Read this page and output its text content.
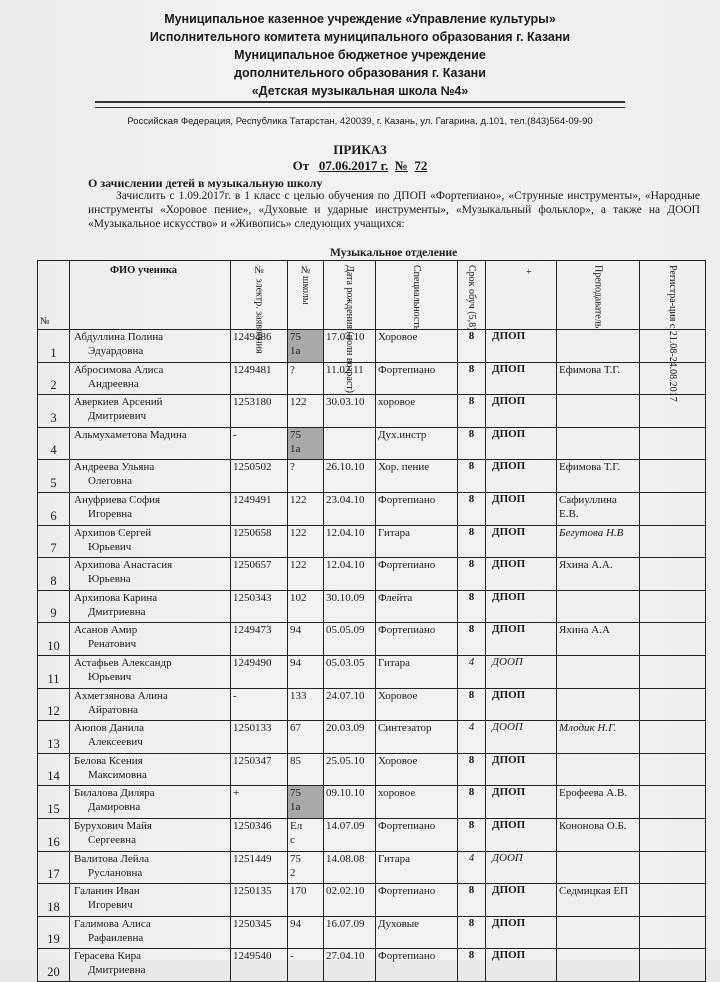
Муниципальное казенное учреждение «Управление культуры»
Исполнительного комитета муниципального образования г. Казани
Муниципальное бюджетное учреждение
дополнительного образования г. Казани
«Детская музыкальная школа №4»
Российская Федерация, Республика Татарстан, 420039, г. Казань, ул. Гагарина, д.101, тел.(843)564-09-90
ПРИКАЗ
От 07.06.2017 г. № 72
О зачислении детей в музыкальную школу
Зачислить с 1.09.2017г. в 1 класс с целью обучения по ДПОП «Фортепиано», «Струнные инструменты», «Народные инструменты «Хоровое пение», «Духовые и ударные инструменты», «Музыкальный фольклор», а также на ДООП «Музыкальное искусство» и «Живопись» следующих учащихся:
Музыкальное отделение
№	ФИО ученика	№ электр. заявления	№школы	Дата рождения (полн возраст)	Специальность	Срок обуч (5,8)	+	Преподаватель	Регистра-ция с 21.08-24.08.2017

1	Абдуллина Полина
Эдуардовна	1249486	75
1а	17.04.10	Хоровое	8	ДПОП		
2	Абросимова Алиса
Андреевна	1249481	?	11.02.11	Фортепиано	8	ДПОП	Ефимова Т.Г.	
3	Аверкиев Арсений
Дмитриевич	1253180	122	30.03.10	хоровое	8	ДПОП		
4	Альмухаметова Мадина	-	75
1а		Дух.инстр	8	ДПОП		
5	Андреева Ульяна
Олеговна	1250502	?	26.10.10	Хор. пение	8	ДПОП	Ефимова Т.Г.	
6	Ануфриева София
Игоревна	1249491	122	23.04.10	Фортепиано	8	ДПОП	Сафиуллина Е.В.	
7	Архипов Сергей
Юрьевич	1250658	122	12.04.10	Гитара	8	ДПОП	Бегутова Н.В	
8	Архипова Анастасия
Юрьевна	1250657	122	12.04.10	Фортепиано	8	ДПОП	Яхина А.А.	
9	Архипова Карина
Дмитриевна	1250343	102	30.10.09	Флейта	8	ДПОП		
10	Асанов Амир
Ренатович	1249473	94	05.05.09	Фортепиано	8	ДПОП	Яхина А.А	
11	Астафьев Александр
Юрьевич	1249490	94	05.03.05	Гитара	4	ДООП		
12	Ахметзянова Алина
Айратовна	-	133	24.07.10	Хоровое	8	ДПОП		
13	Аюпов Данила
Алексеевич	1250133	67	20.03.09	Синтезатор	4	ДООП	Млодик Н.Г.	
14	Белова Ксения
Максимовна	1250347	85	25.05.10	Хоровое	8	ДПОП		
15	Билалова Диляра
Дамировна	+	75
1а	09.10.10	хоровое	8	ДПОП	Ерофеева А.В.	
16	Бурухович Майя
Сергеевна	1250346	Ел
с	14.07.09	Фортепиано	8	ДПОП	Кононова О.Б.	
17	Валитова Лейла
Руслановна	1251449	75
2	14.08.08	Гитара	4	ДООП		
18	Галанин Иван
Игоревич	1250135	170	02.02.10	Фортепиано	8	ДПОП	Седмицкая ЕП	
19	Галимова Алиса
Рафаилевна	1250345	94	16.07.09	Духовые	8	ДПОП		
20	Герасева Кира
Дмитриевна	1249540	-	27.04.10	Фортепиано	8	ДПОП		
